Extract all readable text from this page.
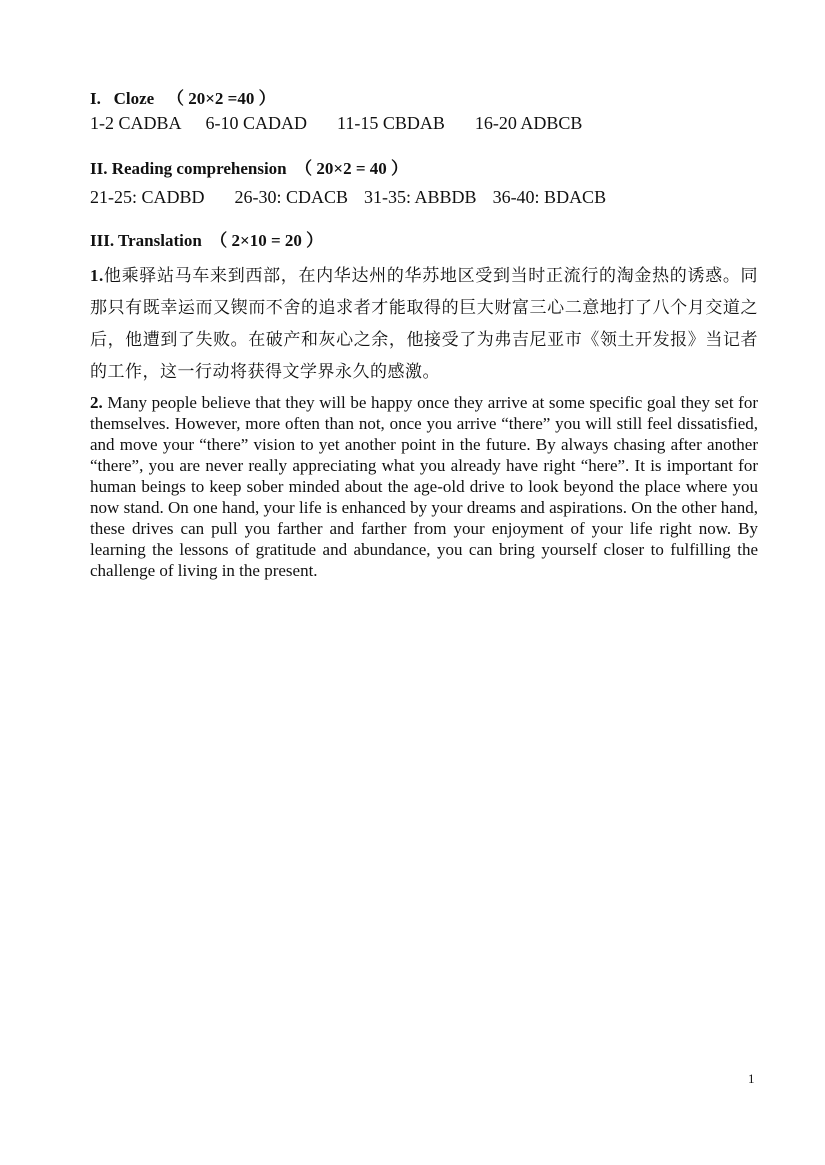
I.   Cloze   （ 20×2 =40 ）

1-2 CADBA 6-10 CADAD 11-15 CBDAB 16-20 ADBCB

II. Reading comprehension  （ 20×2 = 40 ）

21-25: CADBD 26-30: CDACB 31-35: ABBDB 36-40: BDACB

III. Translation  （ 2×10 = 20 ）

1.他乘驿站马车来到西部，在内华达州的华苏地区受到当时正流行的淘金热的诱惑。同那只有既幸运而又锲而不舍的追求者才能取得的巨大财富三心二意地打了八个月交道之后，他遭到了失败。在破产和灰心之余，他接受了为弗吉尼亚市《领土开发报》当记者的工作，这一行动将获得文学界永久的感激。

2. Many people believe that they will be happy once they arrive at some specific goal they set for themselves. However, more often than not, once you arrive “there” you will still feel dissatisfied, and move your “there” vision to yet another point in the future. By always chasing after another “there”, you are never really appreciating what you already have right “here”. It is important for human beings to keep sober minded about the age-old drive to look beyond the place where you now stand. On one hand, your life is enhanced by your dreams and aspirations. On the other hand, these drives can pull you farther and farther from your enjoyment of your life right now. By learning the lessons of gratitude and abundance, you can bring yourself closer to fulfilling the challenge of living in the present.

1
